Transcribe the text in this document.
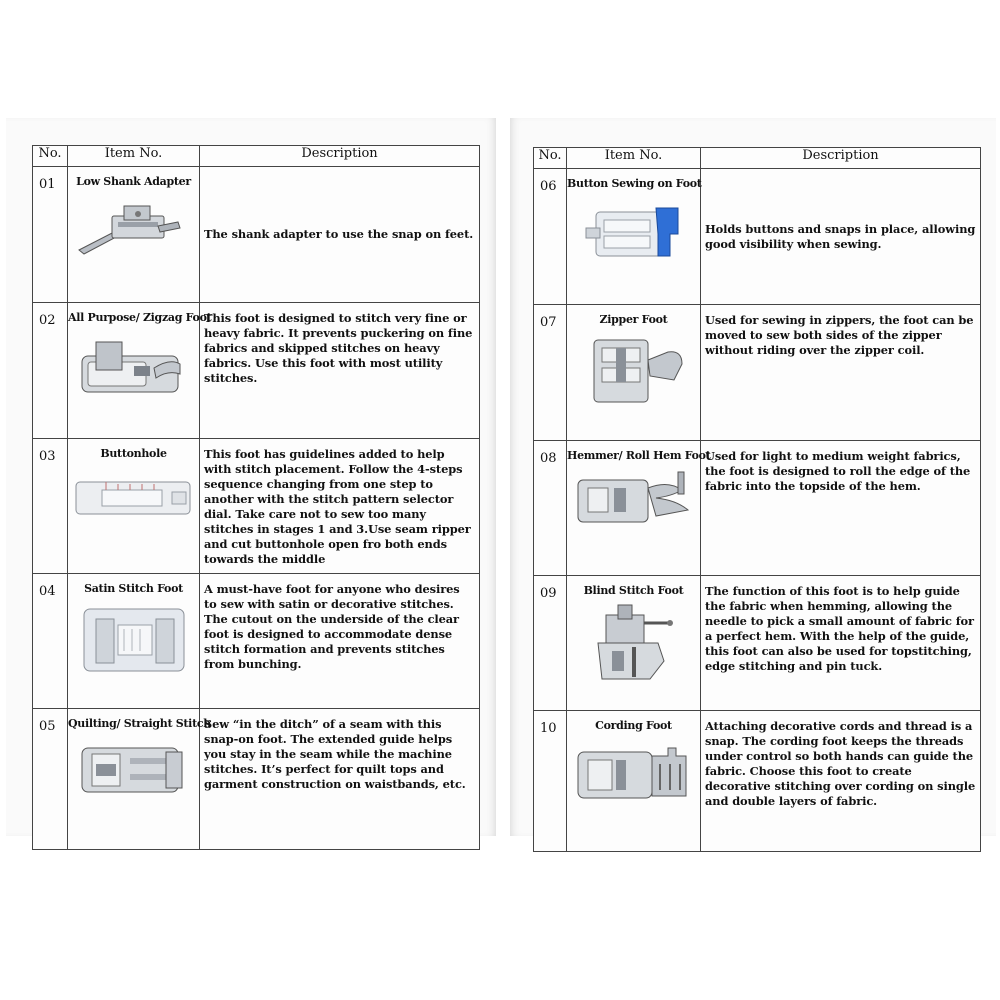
No.	Item No.	Description
01	Low Shank Adapter	The shank adapter to use the snap on feet.
02	All Purpose/ Zigzag Foot	This foot is designed to stitch very fine or heavy fabric. It prevents puckering on fine fabrics and skipped stitches on heavy fabrics. Use this foot with most utility stitches.
03	Buttonhole	This foot has guidelines added to help with stitch placement. Follow the 4-steps sequence changing from one step to another with the stitch pattern selector dial. Take care not to sew too many stitches in stages 1 and 3.Use seam ripper and cut buttonhole open fro both ends towards the middle
04	Satin Stitch Foot	A must-have foot for anyone who desires to sew with satin or decorative stitches. The cutout on the underside of the clear foot is designed to accommodate dense stitch formation and prevents stitches from bunching.
05	Quilting/ Straight Stitch	Sew “in the ditch” of a seam with this snap-on foot. The extended guide helps you stay in the seam while the machine stitches. It’s perfect for quilt tops and garment construction on waistbands, etc.
No.	Item No.	Description
06	Button Sewing on Foot	Holds buttons and snaps in place, allowing good visibility when sewing.
07	Zipper Foot	Used for sewing in zippers, the foot can be moved to sew both sides of the zipper without riding over the zipper coil.
08	Hemmer/ Roll Hem Foot	Used for light to medium weight fabrics, the foot is designed to roll the edge of the fabric into the topside of the hem.
09	Blind Stitch Foot	The function of this foot is to help guide the fabric when hemming, allowing the needle to pick a small amount of fabric for a perfect hem. With the help of the guide, this foot can also be used for topstitching, edge stitching and pin tuck.
10	Cording Foot	Attaching decorative cords and thread is a snap. The cording foot keeps the threads under control so both hands can guide the fabric. Choose this foot to create decorative stitching over cording on single and double layers of fabric.
